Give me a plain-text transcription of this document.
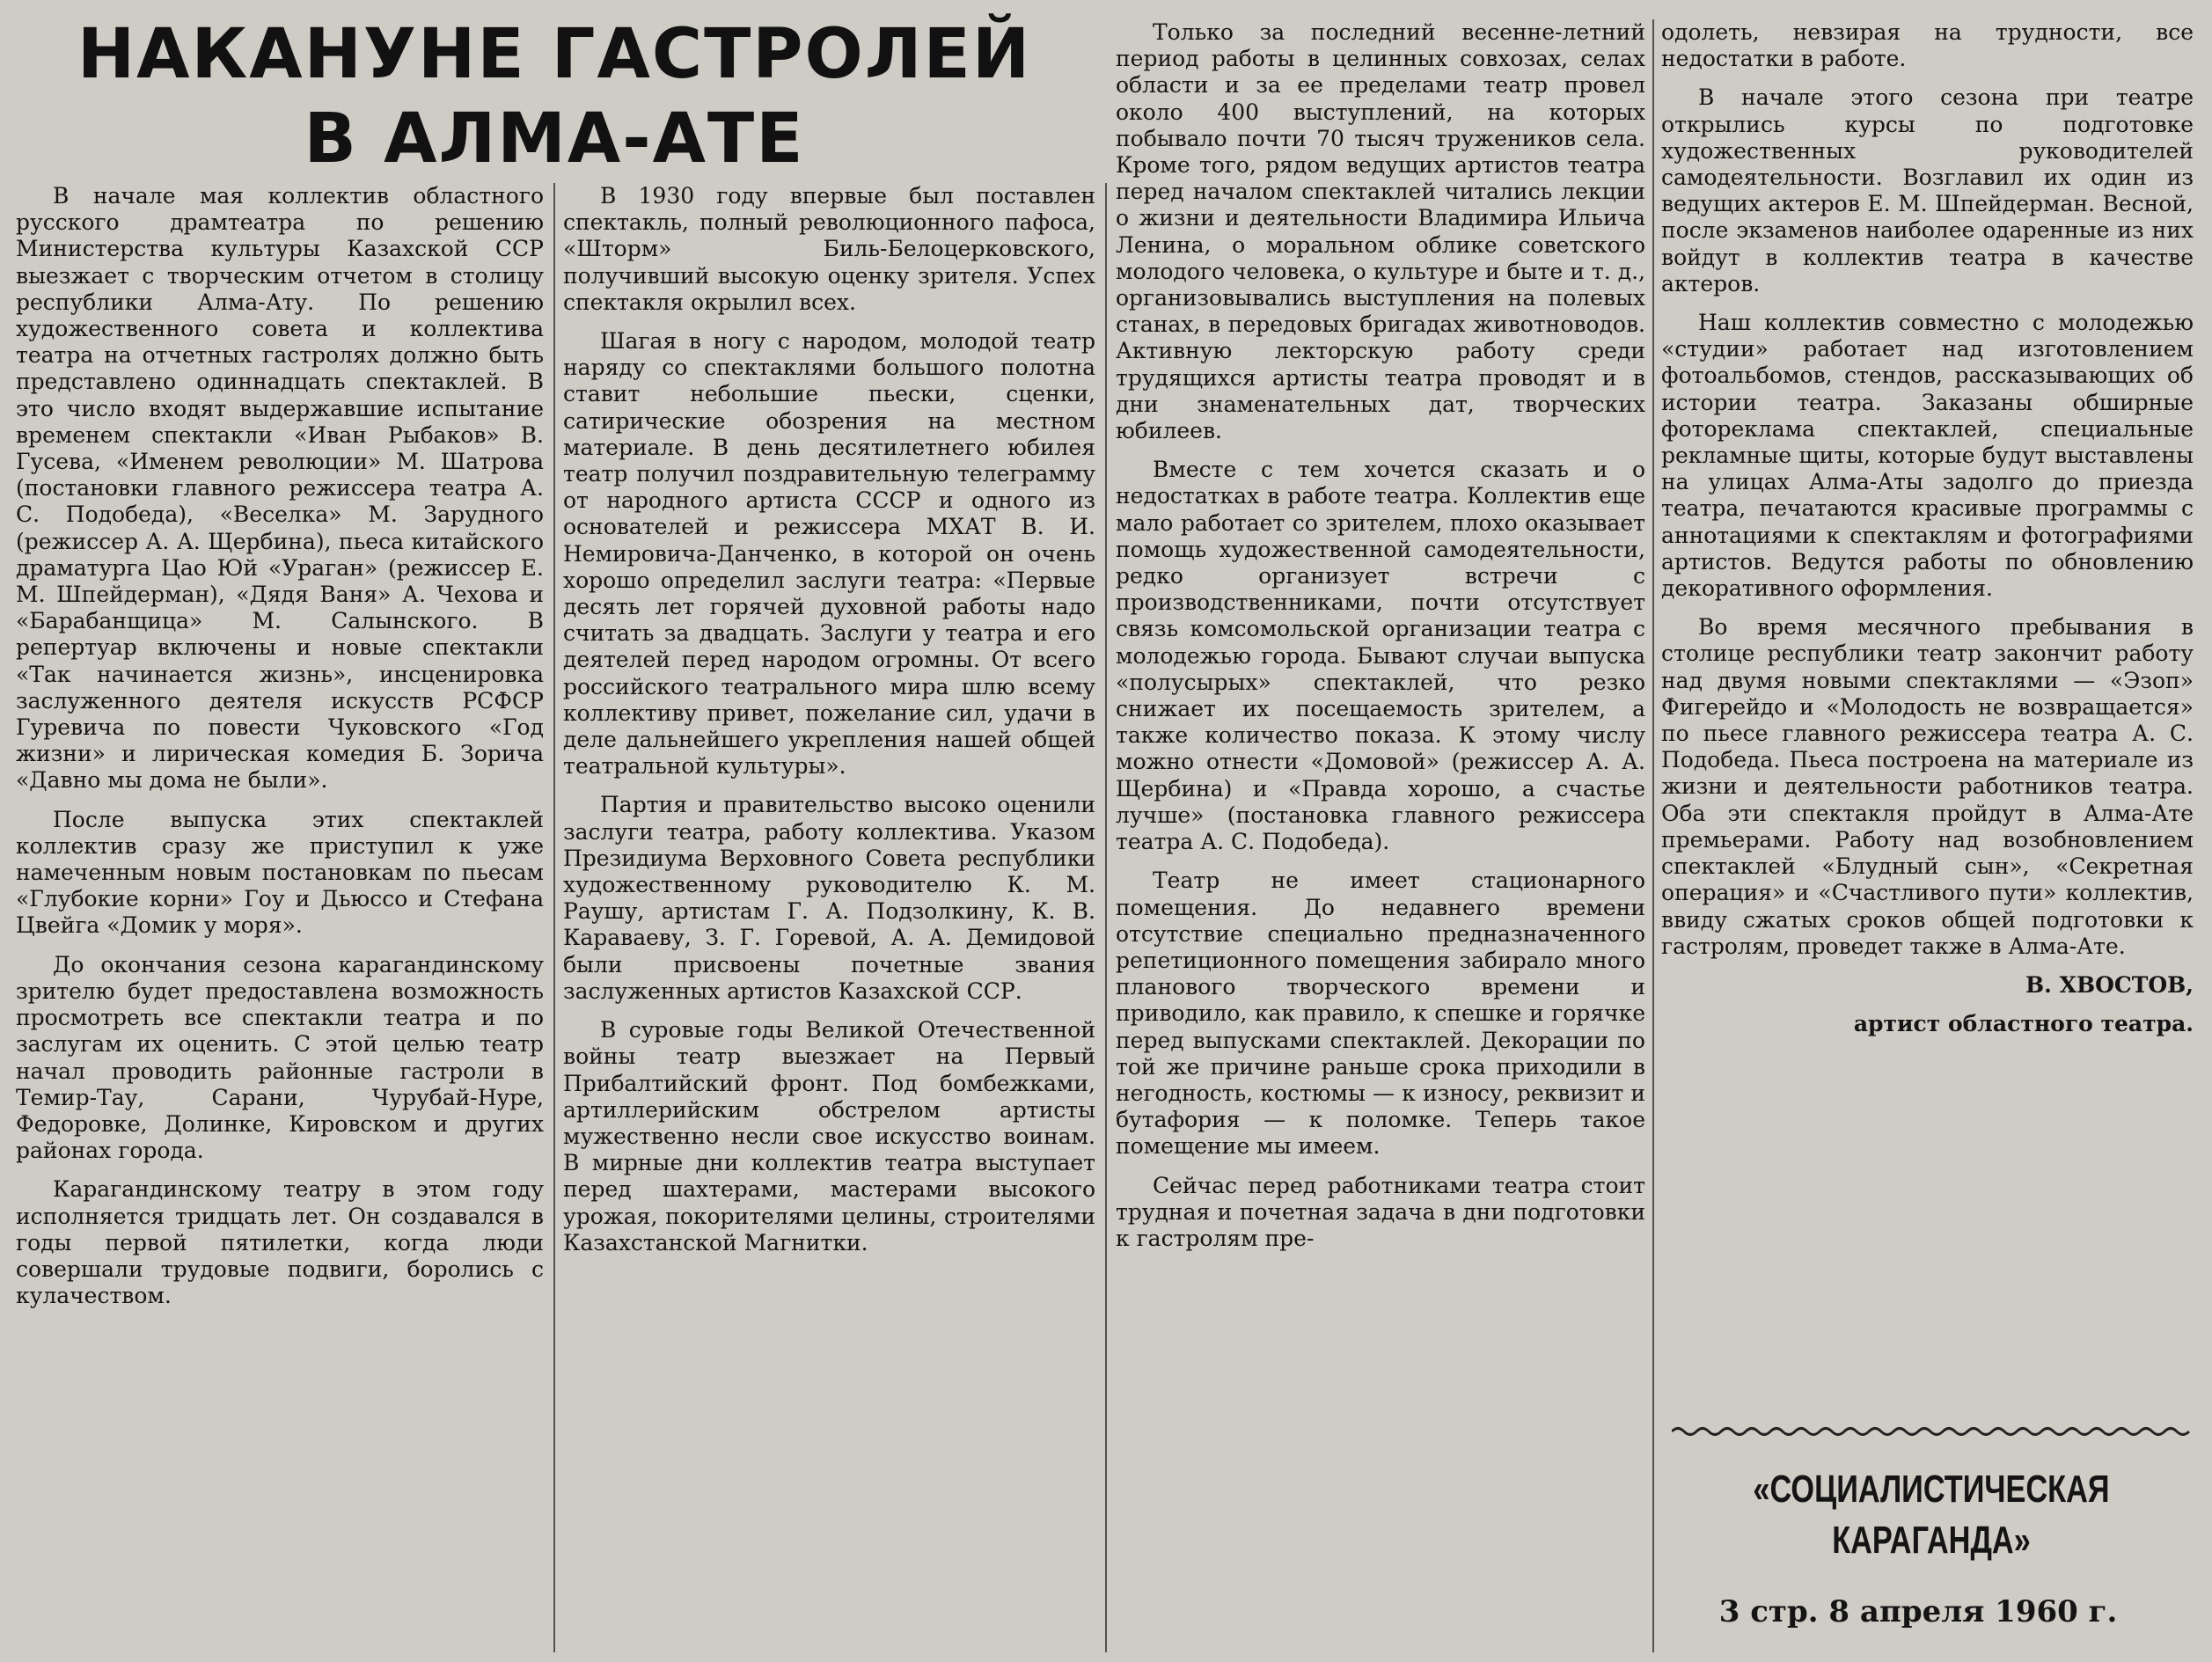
НАКАНУНЕ ГАСТРОЛЕЙ
В АЛМА-АТЕ

В начале мая коллектив областного русского драмтеатра по решению Министерства культуры Казахской ССР выезжает с творческим отчетом в столицу республики Алма-Ату. По решению художественного совета и коллектива театра на отчетных гастролях должно быть представлено одиннадцать спектаклей. В это число входят выдержавшие испытание временем спектакли «Иван Рыбаков» В. Гусева, «Именем революции» М. Шатрова (постановки главного режиссера театра А. С. Подобеда), «Веселка» М. Зарудного (режиссер А. А. Щербина), пьеса китайского драматурга Цао Юй «Ураган» (режиссер Е. М. Шпейдерман), «Дядя Ваня» А. Чехова и «Барабанщица» М. Салынского. В репертуар включены и новые спектакли «Так начинается жизнь», инсценировка заслуженного деятеля искусств РСФСР Гуревича по повести Чуковского «Год жизни» и лирическая комедия Б. Зорича «Давно мы дома не были».

После выпуска этих спектаклей коллектив сразу же приступил к уже намеченным новым постановкам по пьесам «Глубокие корни» Гоу и Дьюссо и Стефана Цвейга «Домик у моря».

До окончания сезона карагандинскому зрителю будет предоставлена возможность просмотреть все спектакли театра и по заслугам их оценить. С этой целью театр начал проводить районные гастроли в Темир-Тау, Сарани, Чурубай-Нуре, Федоровке, Долинке, Кировском и других районах города.

Карагандинскому театру в этом году исполняется тридцать лет. Он создавался в годы первой пятилетки, когда люди совершали трудовые подвиги, боролись с кулачеством.

В 1930 году впервые был поставлен спектакль, полный революционного пафоса, «Шторм» Биль-Белоцерковского, получивший высокую оценку зрителя. Успех спектакля окрылил всех.

Шагая в ногу с народом, молодой театр наряду со спектаклями большого полотна ставит небольшие пьески, сценки, сатирические обозрения на местном материале. В день десятилетнего юбилея театр получил поздравительную телеграмму от народного артиста СССР и одного из основателей и режиссера МХАТ В. И. Немировича-Данченко, в которой он очень хорошо определил заслуги театра: «Первые десять лет горячей духовной работы надо считать за двадцать. Заслуги у театра и его деятелей перед народом огромны. От всего российского театрального мира шлю всему коллективу привет, пожелание сил, удачи в деле дальнейшего укрепления нашей общей театральной культуры».

Партия и правительство высоко оценили заслуги театра, работу коллектива. Указом Президиума Верховного Совета республики художественному руководителю К. М. Раушу, артистам Г. А. Подзолкину, К. В. Караваеву, З. Г. Горевой, А. А. Демидовой были присвоены почетные звания заслуженных артистов Казахской ССР.

В суровые годы Великой Отечественной войны театр выезжает на Первый Прибалтийский фронт. Под бомбежками, артиллерийским обстрелом артисты мужественно несли свое искусство воинам. В мирные дни коллектив театра выступает перед шахтерами, мастерами высокого урожая, покорителями целины, строителями Казахстанской Магнитки.

Только за последний весенне-летний период работы в целинных совхозах, селах области и за ее пределами театр провел около 400 выступлений, на которых побывало почти 70 тысяч тружеников села. Кроме того, рядом ведущих артистов театра перед началом спектаклей читались лекции о жизни и деятельности Владимира Ильича Ленина, о моральном облике советского молодого человека, о культуре и быте и т. д., организовывались выступления на полевых станах, в передовых бригадах животноводов. Активную лекторскую работу среди трудящихся артисты театра проводят и в дни знаменательных дат, творческих юбилеев.

Вместе с тем хочется сказать и о недостатках в работе театра. Коллектив еще мало работает со зрителем, плохо оказывает помощь художественной самодеятельности, редко организует встречи с производственниками, почти отсутствует связь комсомольской организации театра с молодежью города. Бывают случаи выпуска «полусырых» спектаклей, что резко снижает их посещаемость зрителем, а также количество показа. К этому числу можно отнести «Домовой» (режиссер А. А. Щербина) и «Правда хорошо, а счастье лучше» (постановка главного режиссера театра А. С. Подобеда).

Театр не имеет стационарного помещения. До недавнего времени отсутствие специально предназначенного репетиционного помещения забирало много планового творческого времени и приводило, как правило, к спешке и горячке перед выпусками спектаклей. Декорации по той же причине раньше срока приходили в негодность, костюмы — к износу, реквизит и бутафория — к поломке. Теперь такое помещение мы имеем.

Сейчас перед работниками театра стоит трудная и почетная задача в дни подготовки к гастролям пре-

одолеть, невзирая на трудности, все недостатки в работе.

В начале этого сезона при театре открылись курсы по подготовке художественных руководителей самодеятельности. Возглавил их один из ведущих актеров Е. М. Шпейдерман. Весной, после экзаменов наиболее одаренные из них войдут в коллектив театра в качестве актеров.

Наш коллектив совместно с молодежью «студии» работает над изготовлением фотоальбомов, стендов, рассказывающих об истории театра. Заказаны обширные фотореклама спектаклей, специальные рекламные щиты, которые будут выставлены на улицах Алма-Аты задолго до приезда театра, печатаются красивые программы с аннотациями к спектаклям и фотографиями артистов. Ведутся работы по обновлению декоративного оформления.

Во время месячного пребывания в столице республики театр закончит работу над двумя новыми спектаклями — «Эзоп» Фигерейдо и «Молодость не возвращается» по пьесе главного режиссера театра А. С. Подобеда. Пьеса построена на материале из жизни и деятельности работников театра. Оба эти спектакля пройдут в Алма-Ате премьерами. Работу над возобновлением спектаклей «Блудный сын», «Секретная операция» и «Счастливого пути» коллектив, ввиду сжатых сроков общей подготовки к гастролям, проведет также в Алма-Ате.

В. ХВОСТОВ,

артист областного театра.

«СОЦИАЛИСТИЧЕСКАЯ
КАРАГАНДА»
3 стр. 8 апреля 1960 г.
